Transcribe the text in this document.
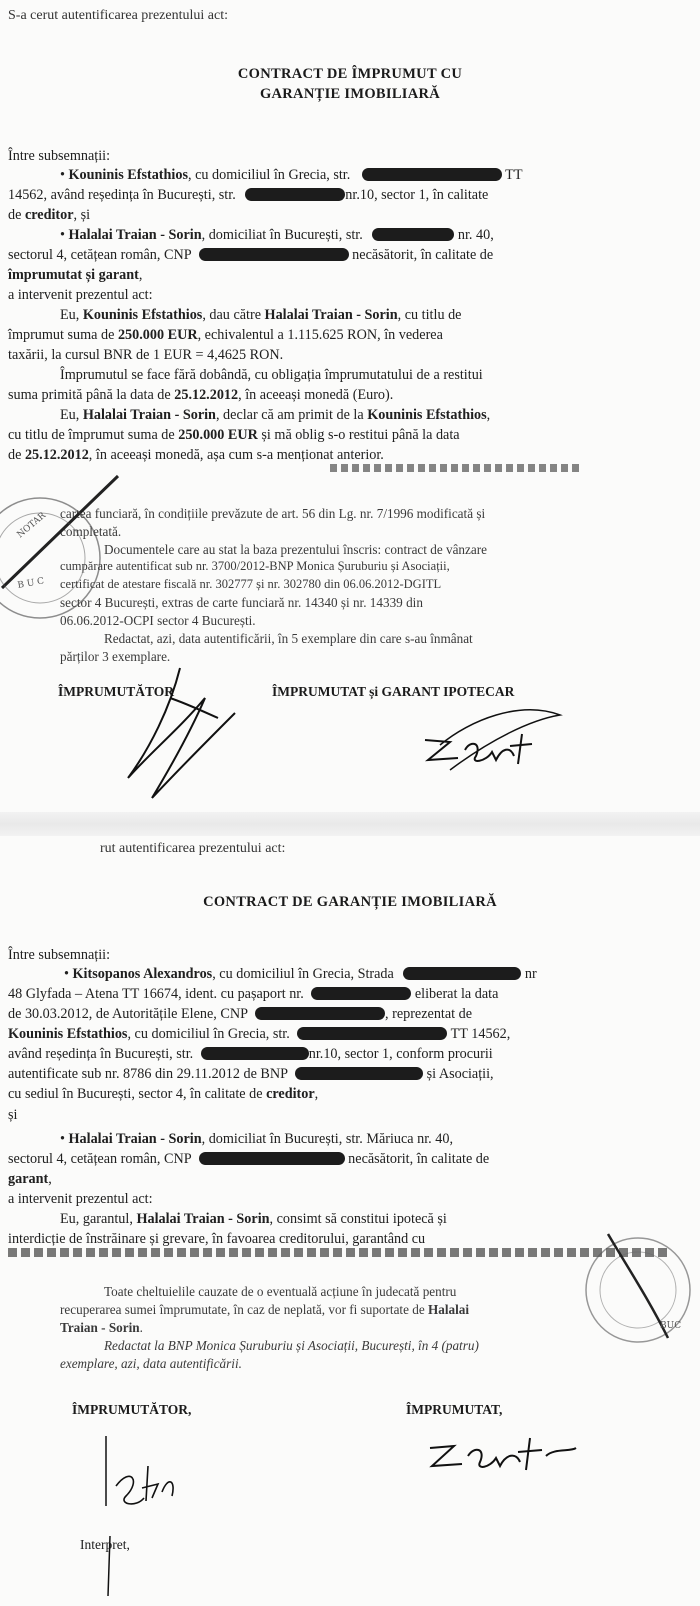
S-a cerut autentificarea prezentului act:
CONTRACT DE ÎMPRUMUT CU
GARANȚIE IMOBILIARĂ
Între subsemnații:
• Kouninis Efstathios, cu domiciliul în Grecia, str.	TT
14562, având reședința în București, str.	nr.10, sector 1, în calitate
de creditor, și
• Halalai Traian - Sorin, domiciliat în București, str.	nr. 40,
sectorul 4, cetățean român, CNP	necăsătorit, în calitate de
împrumutat și garant,
a intervenit prezentul act:
Eu, Kouninis Efstathios, dau către Halalai Traian - Sorin, cu titlu de
împrumut suma de 250.000 EUR, echivalentul a 1.115.625 RON, în vederea
taxării, la cursul BNR de 1 EUR = 4,4625 RON.
Împrumutul se face fără dobândă, cu obligația împrumutatului de a restitui
suma primită până la data de 25.12.2012, în aceeași monedă (Euro).
Eu, Halalai Traian - Sorin, declar că am primit de la Kouninis Efstathios,
cu titlu de împrumut suma de 250.000 EUR și mă oblig s-o restitui până la data
de 25.12.2012, în aceeași monedă, așa cum s-a menționat anterior.
cartea funciară, în condițiile prevăzute de art. 56 din Lg. nr. 7/1996 modificată și
completată.
Documentele care au stat la baza prezentului înscris: contract de vânzare
cumpărare autentificat sub nr. 3700/2012-BNP Monica Șuruburiu și Asociații,
certificat de atestare fiscală nr. 302777 și nr. 302780 din 06.06.2012-DGITL
sector 4 București, extras de carte funciară nr. 14340 și nr. 14339 din
06.06.2012-OCPI sector 4 București.
Redactat, azi, data autentificării, în 5 exemplare din care s-au înmânat
părților 3 exemplare.
B U C
NOTAR
ÎMPRUMUTĂTOR	ÎMPRUMUTAT și GARANT IPOTECAR
rut autentificarea prezentului act:
CONTRACT DE GARANȚIE IMOBILIARĂ
Între subsemnații:
• Kitsopanos Alexandros, cu domiciliul în Grecia, Strada	nr
48 Glyfada – Atena TT 16674, ident. cu pașaport nr.	eliberat la data
de 30.03.2012, de Autoritățile Elene, CNP	, reprezentat de
Kouninis Efstathios, cu domiciliul în Grecia, str.	TT 14562,
având reședința în București, str.	nr.10, sector 1, conform procurii
autentificate sub nr. 8786 din 29.11.2012 de BNP	și Asociații,
cu sediul în București, sector 4, în calitate de creditor,
și
• Halalai Traian - Sorin, domiciliat în București, str. Măriuca nr. 40,
sectorul 4, cetățean român, CNP	necăsătorit, în calitate de
garant,
a intervenit prezentul act:
Eu, garantul, Halalai Traian - Sorin, consimt să constitui ipotecă și
interdicție de înstrăinare și grevare, în favoarea creditorului, garantând cu
Toate cheltuielile cauzate de o eventuală acțiune în judecată pentru
recuperarea sumei împrumutate, în caz de neplată, vor fi suportate de Halalai
Traian - Sorin.
Redactat la BNP Monica Șuruburiu și Asociații, București, în 4 (patru)
exemplare, azi, data autentificării.
BUC
ÎMPRUMUTĂTOR,	ÎMPRUMUTAT,
Interpret,
